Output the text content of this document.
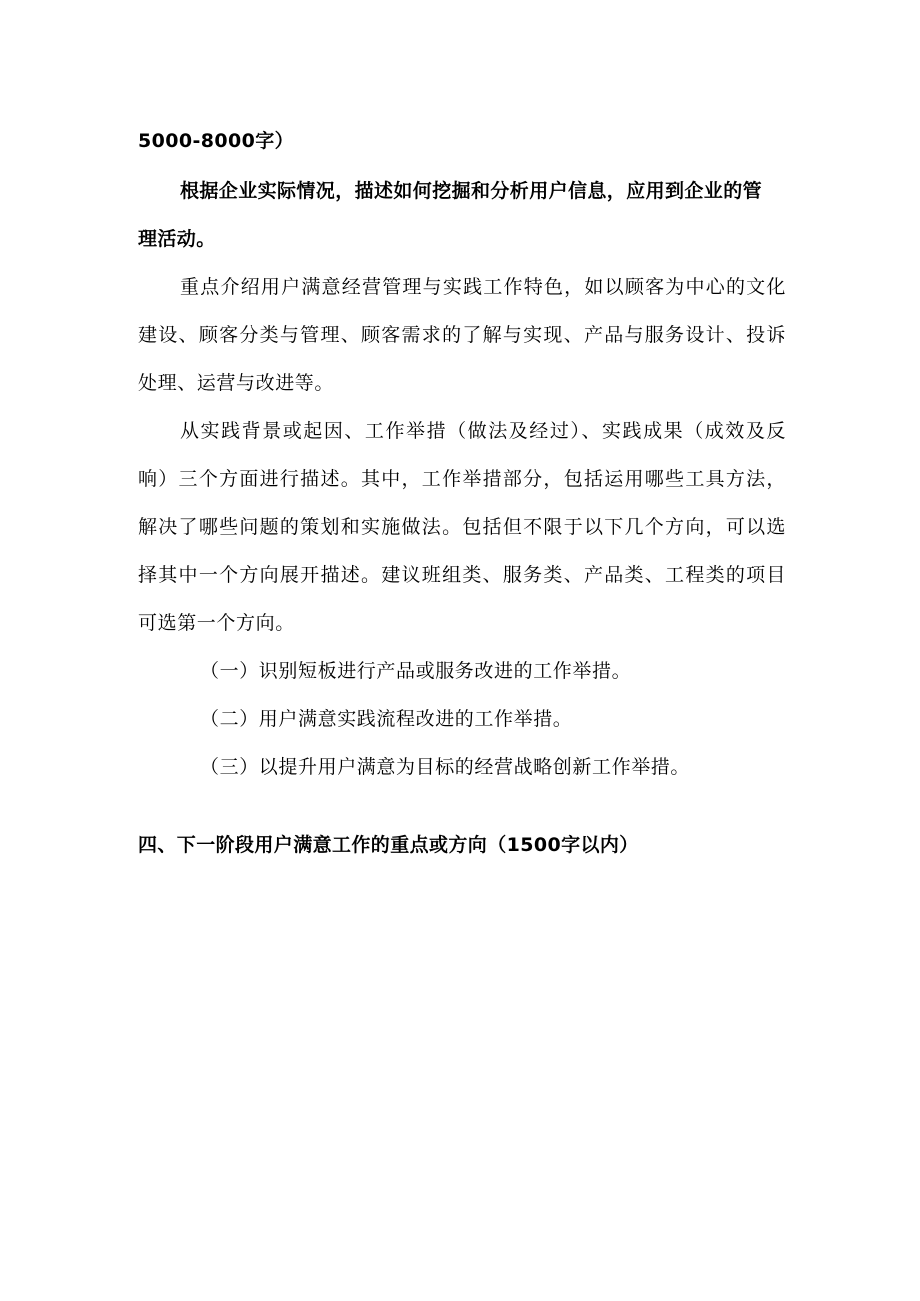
5000-8000字）
根据企业实际情况，描述如何挖掘和分析用户信息，应用到企业的管
理活动。
重点介绍用户满意经营管理与实践工作特色，如以顾客为中心的文化
建设、顾客分类与管理、顾客需求的了解与实现、产品与服务设计、投诉
处理、运营与改进等。
从实践背景或起因、工作举措（做法及经过）、实践成果（成效及反
响）三个方面进行描述。其中，工作举措部分，包括运用哪些工具方法，
解决了哪些问题的策划和实施做法。包括但不限于以下几个方向，可以选
择其中一个方向展开描述。建议班组类、服务类、产品类、工程类的项目
可选第一个方向。
（一）识别短板进行产品或服务改进的工作举措。
（二）用户满意实践流程改进的工作举措。
（三）以提升用户满意为目标的经营战略创新工作举措。
四、下一阶段用户满意工作的重点或方向（1500字以内）
